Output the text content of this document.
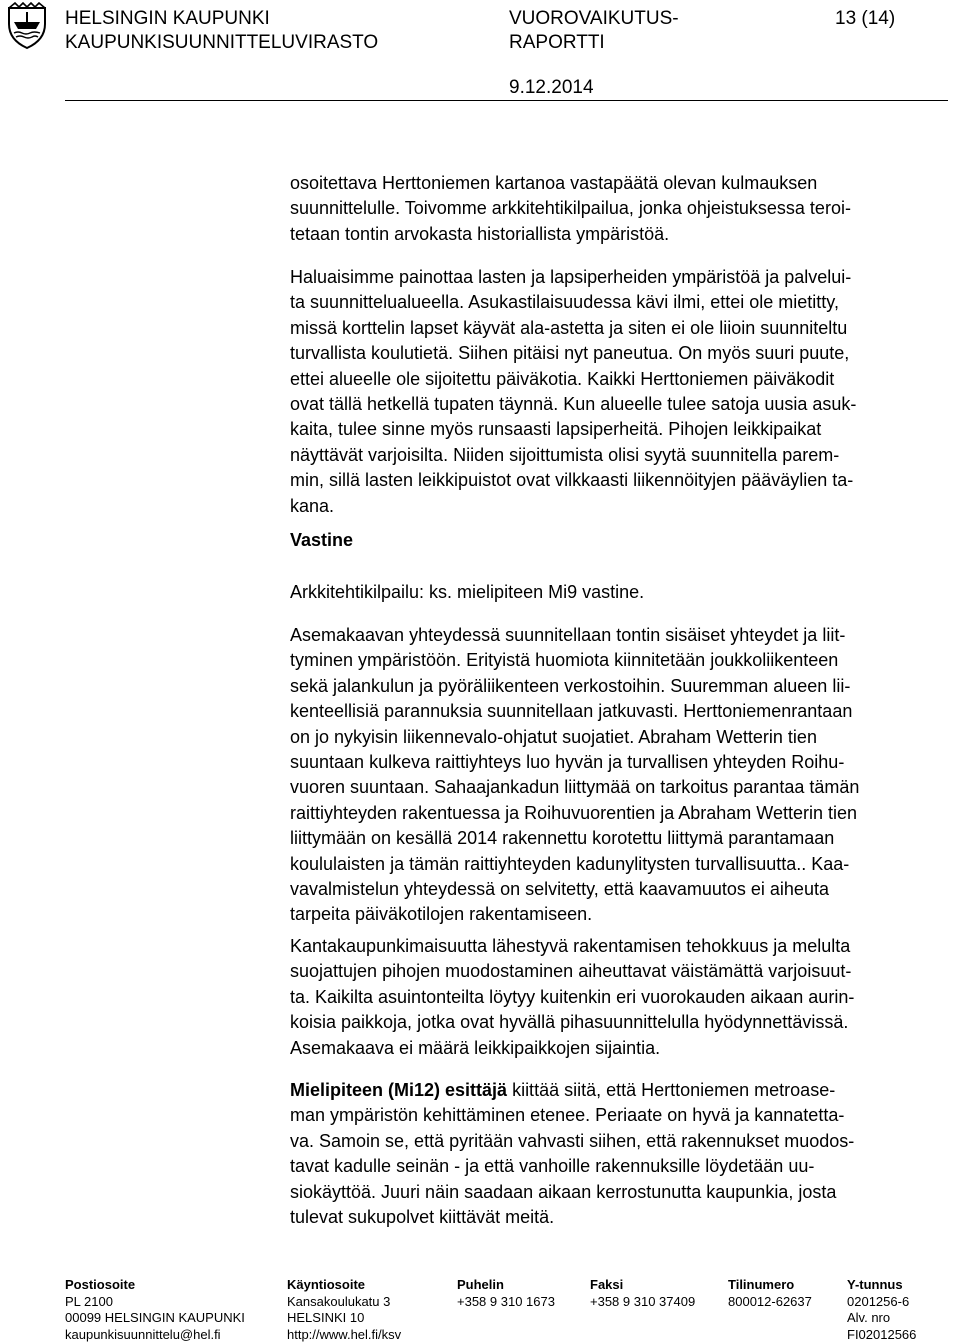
HELSINGIN KAUPUNKI
KAUPUNKISUUNNITTELUVIRASTO
VUOROVAIKUTUS-
RAPORTTI
13 (14)
9.12.2014
osoitettava Herttoniemen kartanoa vastapäätä olevan kulmauksen
suunnittelulle. Toivomme arkkitehtikilpailua, jonka ohjeistuksessa teroi-
tetaan tontin arvokasta historiallista ympäristöä.
Haluaisimme painottaa lasten ja lapsiperheiden ympäristöä ja palvelui-
ta suunnittelualueella. Asukastilaisuudessa kävi ilmi, ettei ole mietitty,
missä korttelin lapset käyvät ala-astetta ja siten ei ole liioin suunniteltu
turvallista koulutietä. Siihen pitäisi nyt paneutua. On myös suuri puute,
ettei alueelle ole sijoitettu päiväkotia. Kaikki Herttoniemen päiväkodit
ovat tällä hetkellä tupaten täynnä. Kun alueelle tulee satoja uusia asuk-
kaita, tulee sinne myös runsaasti lapsiperheitä. Pihojen leikkipaikat
näyttävät varjoisilta. Niiden sijoittumista olisi syytä suunnitella parem-
min, sillä lasten leikkipuistot ovat vilkkaasti liikennöityjen pääväylien ta-
kana.
Vastine
Arkkitehtikilpailu: ks. mielipiteen Mi9 vastine.
Asemakaavan yhteydessä suunnitellaan tontin sisäiset yhteydet ja liit-
tyminen ympäristöön. Erityistä huomiota kiinnitetään joukkoliikenteen
sekä jalankulun ja pyöräliikenteen verkostoihin. Suuremman alueen lii-
kenteellisiä parannuksia suunnitellaan jatkuvasti. Herttoniemenrantaan
on jo nykyisin liikennevalo-ohjatut suojatiet. Abraham Wetterin tien
suuntaan kulkeva raittiyhteys luo hyvän ja turvallisen yhteyden Roihu-
vuoren suuntaan. Sahaajankadun liittymää on tarkoitus parantaa tämän
raittiyhteyden rakentuessa ja Roihuvuorentien ja Abraham Wetterin tien
liittymään on kesällä 2014 rakennettu korotettu liittymä parantamaan
koululaisten ja tämän raittiyhteyden kadunylitysten turvallisuutta.. Kaa-
vavalmistelun yhteydessä on selvitetty, että kaavamuutos ei aiheuta
tarpeita päiväkotilojen rakentamiseen.
Kantakaupunkimaisuutta lähestyvä rakentamisen tehokkuus ja melulta
suojattujen pihojen muodostaminen aiheuttavat väistämättä varjoisuut-
ta. Kaikilta asuintonteilta löytyy kuitenkin eri vuorokauden aikaan aurin-
koisia paikkoja, jotka ovat hyvällä pihasuunnittelulla hyödynnettävissä.
Asemakaava ei määrä leikkipaikkojen sijaintia.
Mielipiteen (Mi12) esittäjä kiittää siitä, että Herttoniemen metroase-
man ympäristön kehittäminen etenee. Periaate on hyvä ja kannatetta-
va. Samoin se, että pyritään vahvasti siihen, että rakennukset muodos-
tavat kadulle seinän - ja että vanhoille rakennuksille löydetään uu-
siokäyttöä. Juuri näin saadaan aikaan kerrostunutta kaupunkia, josta
tulevat sukupolvet kiittävät meitä.
Postiosoite
PL 2100
00099 HELSINGIN KAUPUNKI
kaupunkisuunnittelu@hel.fi
Käyntiosoite
Kansakoulukatu 3
HELSINKI 10
http://www.hel.fi/ksv
Puhelin
+358 9 310 1673
Faksi
+358 9 310 37409
Tilinumero
800012-62637
Y-tunnus
0201256-6
Alv. nro
FI02012566
